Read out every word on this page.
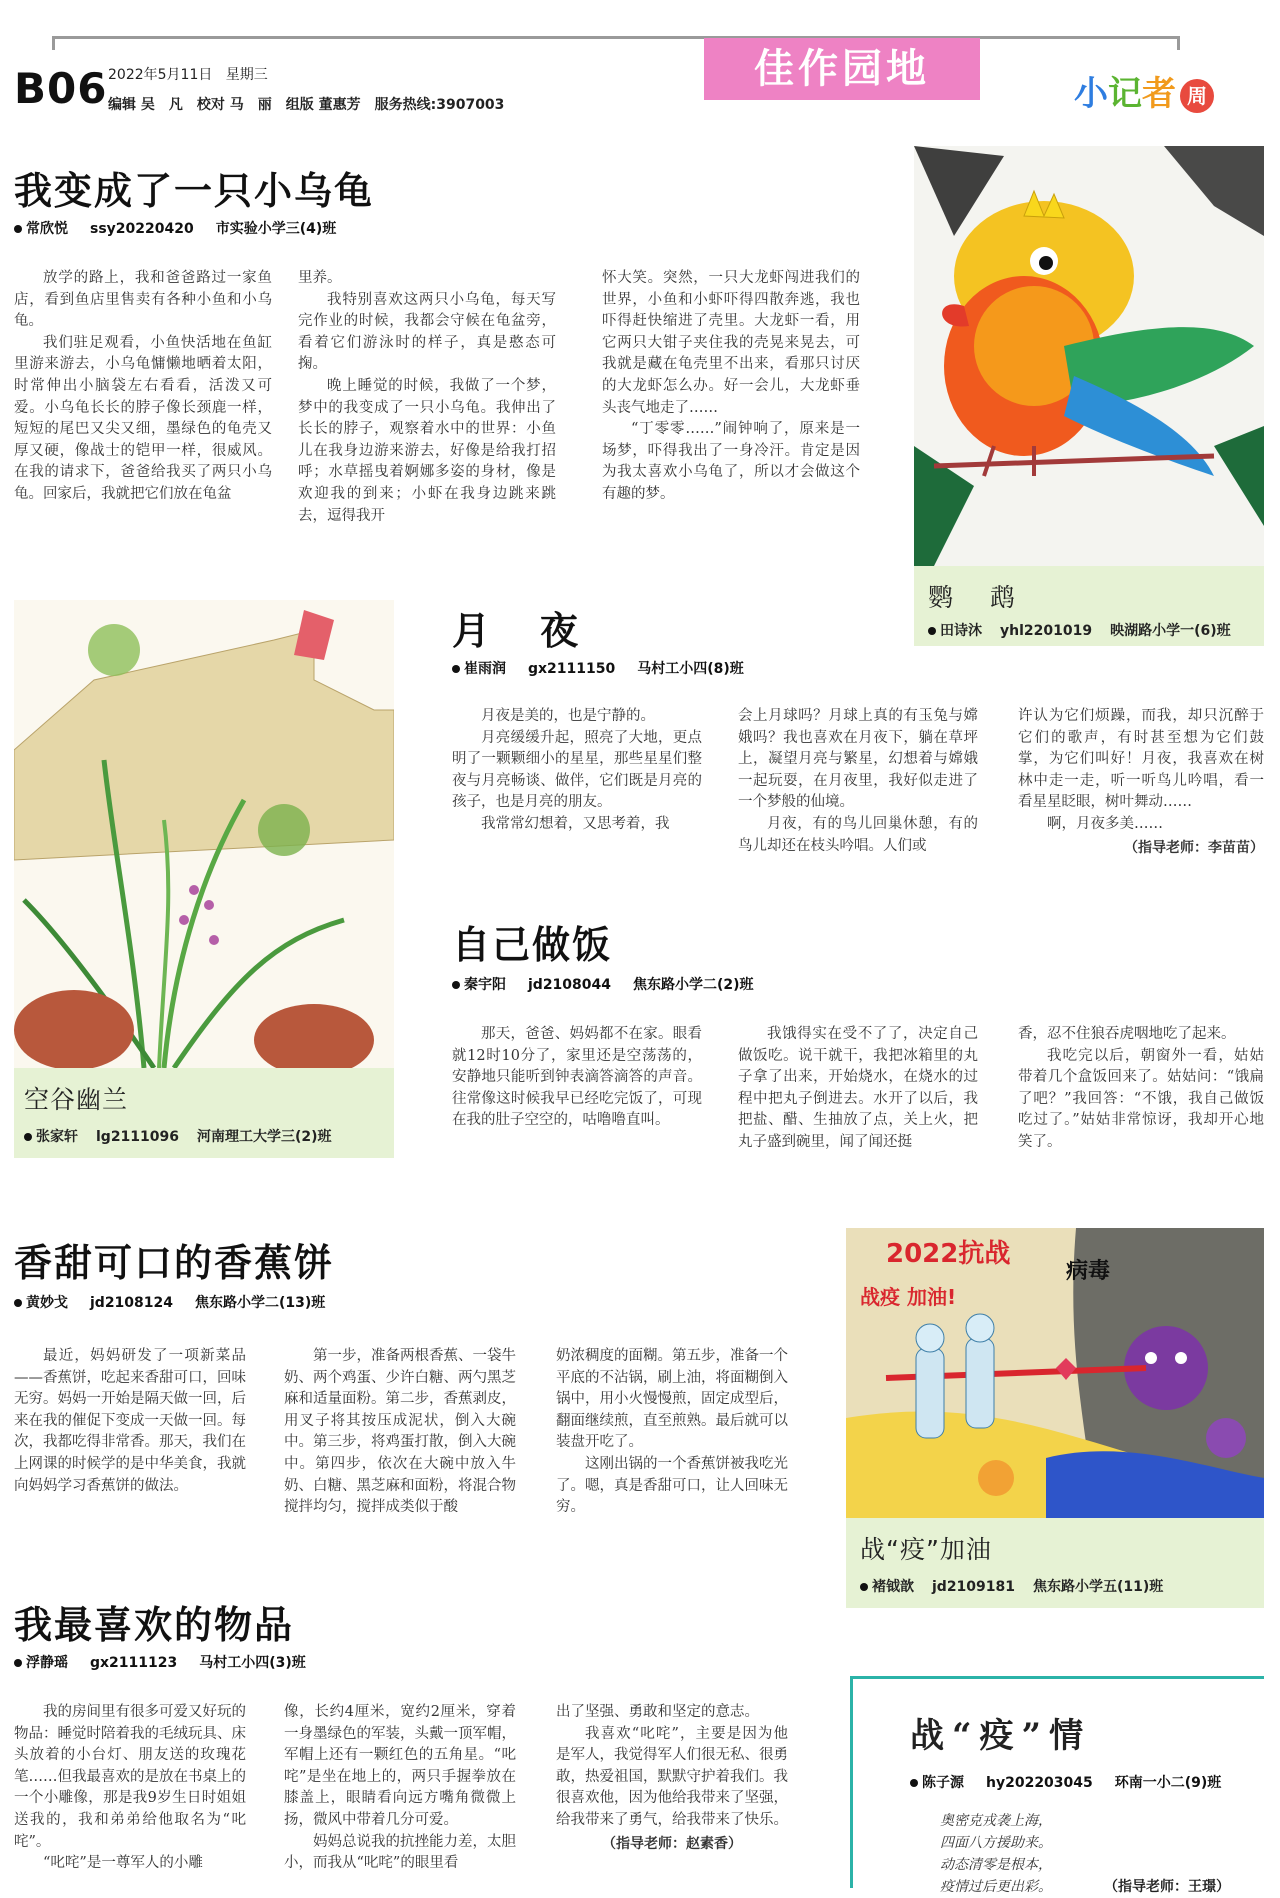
B06 2022年5月11日 星期三
编辑 吴　凡 校对 马　丽 组版 董惠芳 服务热线:3907003
佳作园地
小记者 周刊
我变成了一只小乌龟
常欣悦 ssy20220420 市实验小学三(4)班

放学的路上，我和爸爸路过一家鱼店，看到鱼店里售卖有各种小鱼和小乌龟。

我们驻足观看，小鱼快活地在鱼缸里游来游去，小乌龟慵懒地晒着太阳，时常伸出小脑袋左右看看，活泼又可爱。小乌龟长长的脖子像长颈鹿一样，短短的尾巴又尖又细，墨绿色的龟壳又厚又硬，像战士的铠甲一样，很威风。在我的请求下，爸爸给我买了两只小乌龟。回家后，我就把它们放在龟盆

里养。

我特别喜欢这两只小乌龟，每天写完作业的时候，我都会守候在龟盆旁，看着它们游泳时的样子，真是憨态可掬。

晚上睡觉的时候，我做了一个梦，梦中的我变成了一只小乌龟。我伸出了长长的脖子，观察着水中的世界：小鱼儿在我身边游来游去，好像是给我打招呼；水草摇曳着婀娜多姿的身材，像是欢迎我的到来；小虾在我身边跳来跳去，逗得我开

怀大笑。突然，一只大龙虾闯进我们的世界，小鱼和小虾吓得四散奔逃，我也吓得赶快缩进了壳里。大龙虾一看，用它两只大钳子夹住我的壳晃来晃去，可我就是藏在龟壳里不出来，看那只讨厌的大龙虾怎么办。好一会儿，大龙虾垂头丧气地走了……

“丁零零……”闹钟响了，原来是一场梦，吓得我出了一身冷汗。肯定是因为我太喜欢小乌龟了，所以才会做这个有趣的梦。

鹦　鹉
田诗沐 yhl2201019 映湖路小学一(6)班
空谷幽兰
张家轩 lg2111096 河南理工大学三(2)班
月　夜
崔雨润 gx2111150 马村工小四(8)班

月夜是美的，也是宁静的。

月亮缓缓升起，照亮了大地，更点明了一颗颗细小的星星，那些星星们整夜与月亮畅谈、做伴，它们既是月亮的孩子，也是月亮的朋友。

我常常幻想着，又思考着，我

会上月球吗？月球上真的有玉兔与嫦娥吗？我也喜欢在月夜下，躺在草坪上，凝望月亮与繁星，幻想着与嫦娥一起玩耍，在月夜里，我好似走进了一个梦般的仙境。

月夜，有的鸟儿回巢休憩，有的鸟儿却还在枝头吟唱。人们或

许认为它们烦躁，而我，却只沉醉于它们的歌声，有时甚至想为它们鼓掌，为它们叫好！月夜，我喜欢在树林中走一走，听一听鸟儿吟唱，看一看星星眨眼，树叶舞动……

啊，月夜多美……

（指导老师：李苗苗）
自己做饭
秦宇阳 jd2108044 焦东路小学二(2)班

那天，爸爸、妈妈都不在家。眼看就12时10分了，家里还是空荡荡的，安静地只能听到钟表滴答滴答的声音。往常像这时候我早已经吃完饭了，可现在我的肚子空空的，咕噜噜直叫。

我饿得实在受不了了，决定自己做饭吃。说干就干，我把冰箱里的丸子拿了出来，开始烧水，在烧水的过程中把丸子倒进去。水开了以后，我把盐、醋、生抽放了点，关上火，把丸子盛到碗里，闻了闻还挺

香，忍不住狼吞虎咽地吃了起来。

我吃完以后，朝窗外一看，姑姑带着几个盒饭回来了。姑姑问：“饿扁了吧？”我回答：“不饿，我自己做饭吃过了。”姑姑非常惊讶，我却开心地笑了。

香甜可口的香蕉饼
黄妙戈 jd2108124 焦东路小学二(13)班

最近，妈妈研发了一项新菜品——香蕉饼，吃起来香甜可口，回味无穷。妈妈一开始是隔天做一回，后来在我的催促下变成一天做一回。每次，我都吃得非常香。那天，我们在上网课的时候学的是中华美食，我就向妈妈学习香蕉饼的做法。

第一步，准备两根香蕉、一袋牛奶、两个鸡蛋、少许白糖、两勺黑芝麻和适量面粉。第二步，香蕉剥皮，用叉子将其按压成泥状，倒入大碗中。第三步，将鸡蛋打散，倒入大碗中。第四步，依次在大碗中放入牛奶、白糖、黑芝麻和面粉，将混合物搅拌均匀，搅拌成类似于酸

奶浓稠度的面糊。第五步，准备一个平底的不沾锅，刷上油，将面糊倒入锅中，用小火慢慢煎，固定成型后，翻面继续煎，直至煎熟。最后就可以装盘开吃了。

这刚出锅的一个香蕉饼被我吃光了。嗯，真是香甜可口，让人回味无穷。

2022抗战
战疫 加油!
病毒
战“疫”加油
褚钺歆 jd2109181 焦东路小学五(11)班
我最喜欢的物品
浮静瑶 gx2111123 马村工小四(3)班

我的房间里有很多可爱又好玩的物品：睡觉时陪着我的毛绒玩具、床头放着的小台灯、朋友送的玫瑰花笔……但我最喜欢的是放在书桌上的一个小雕像，那是我9岁生日时姐姐送我的，我和弟弟给他取名为“叱咤”。

“叱咤”是一尊军人的小雕

像，长约4厘米，宽约2厘米，穿着一身墨绿色的军装，头戴一顶军帽，军帽上还有一颗红色的五角星。“叱咤”是坐在地上的，两只手握拳放在膝盖上，眼睛看向远方嘴角微微上扬，微风中带着几分可爱。

妈妈总说我的抗挫能力差，太胆小，而我从“叱咤”的眼里看

出了坚强、勇敢和坚定的意志。

我喜欢“叱咤”，主要是因为他是军人，我觉得军人们很无私、很勇敢，热爱祖国，默默守护着我们。我很喜欢他，因为他给我带来了坚强，给我带来了勇气，给我带来了快乐。

（指导老师：赵素香）
战“疫”情
陈子源 hy202203045 环南一小二(9)班
奥密克戎袭上海，
四面八方援助来。
动态清零是根本，
疫情过后更出彩。	（指导老师：王璟）
